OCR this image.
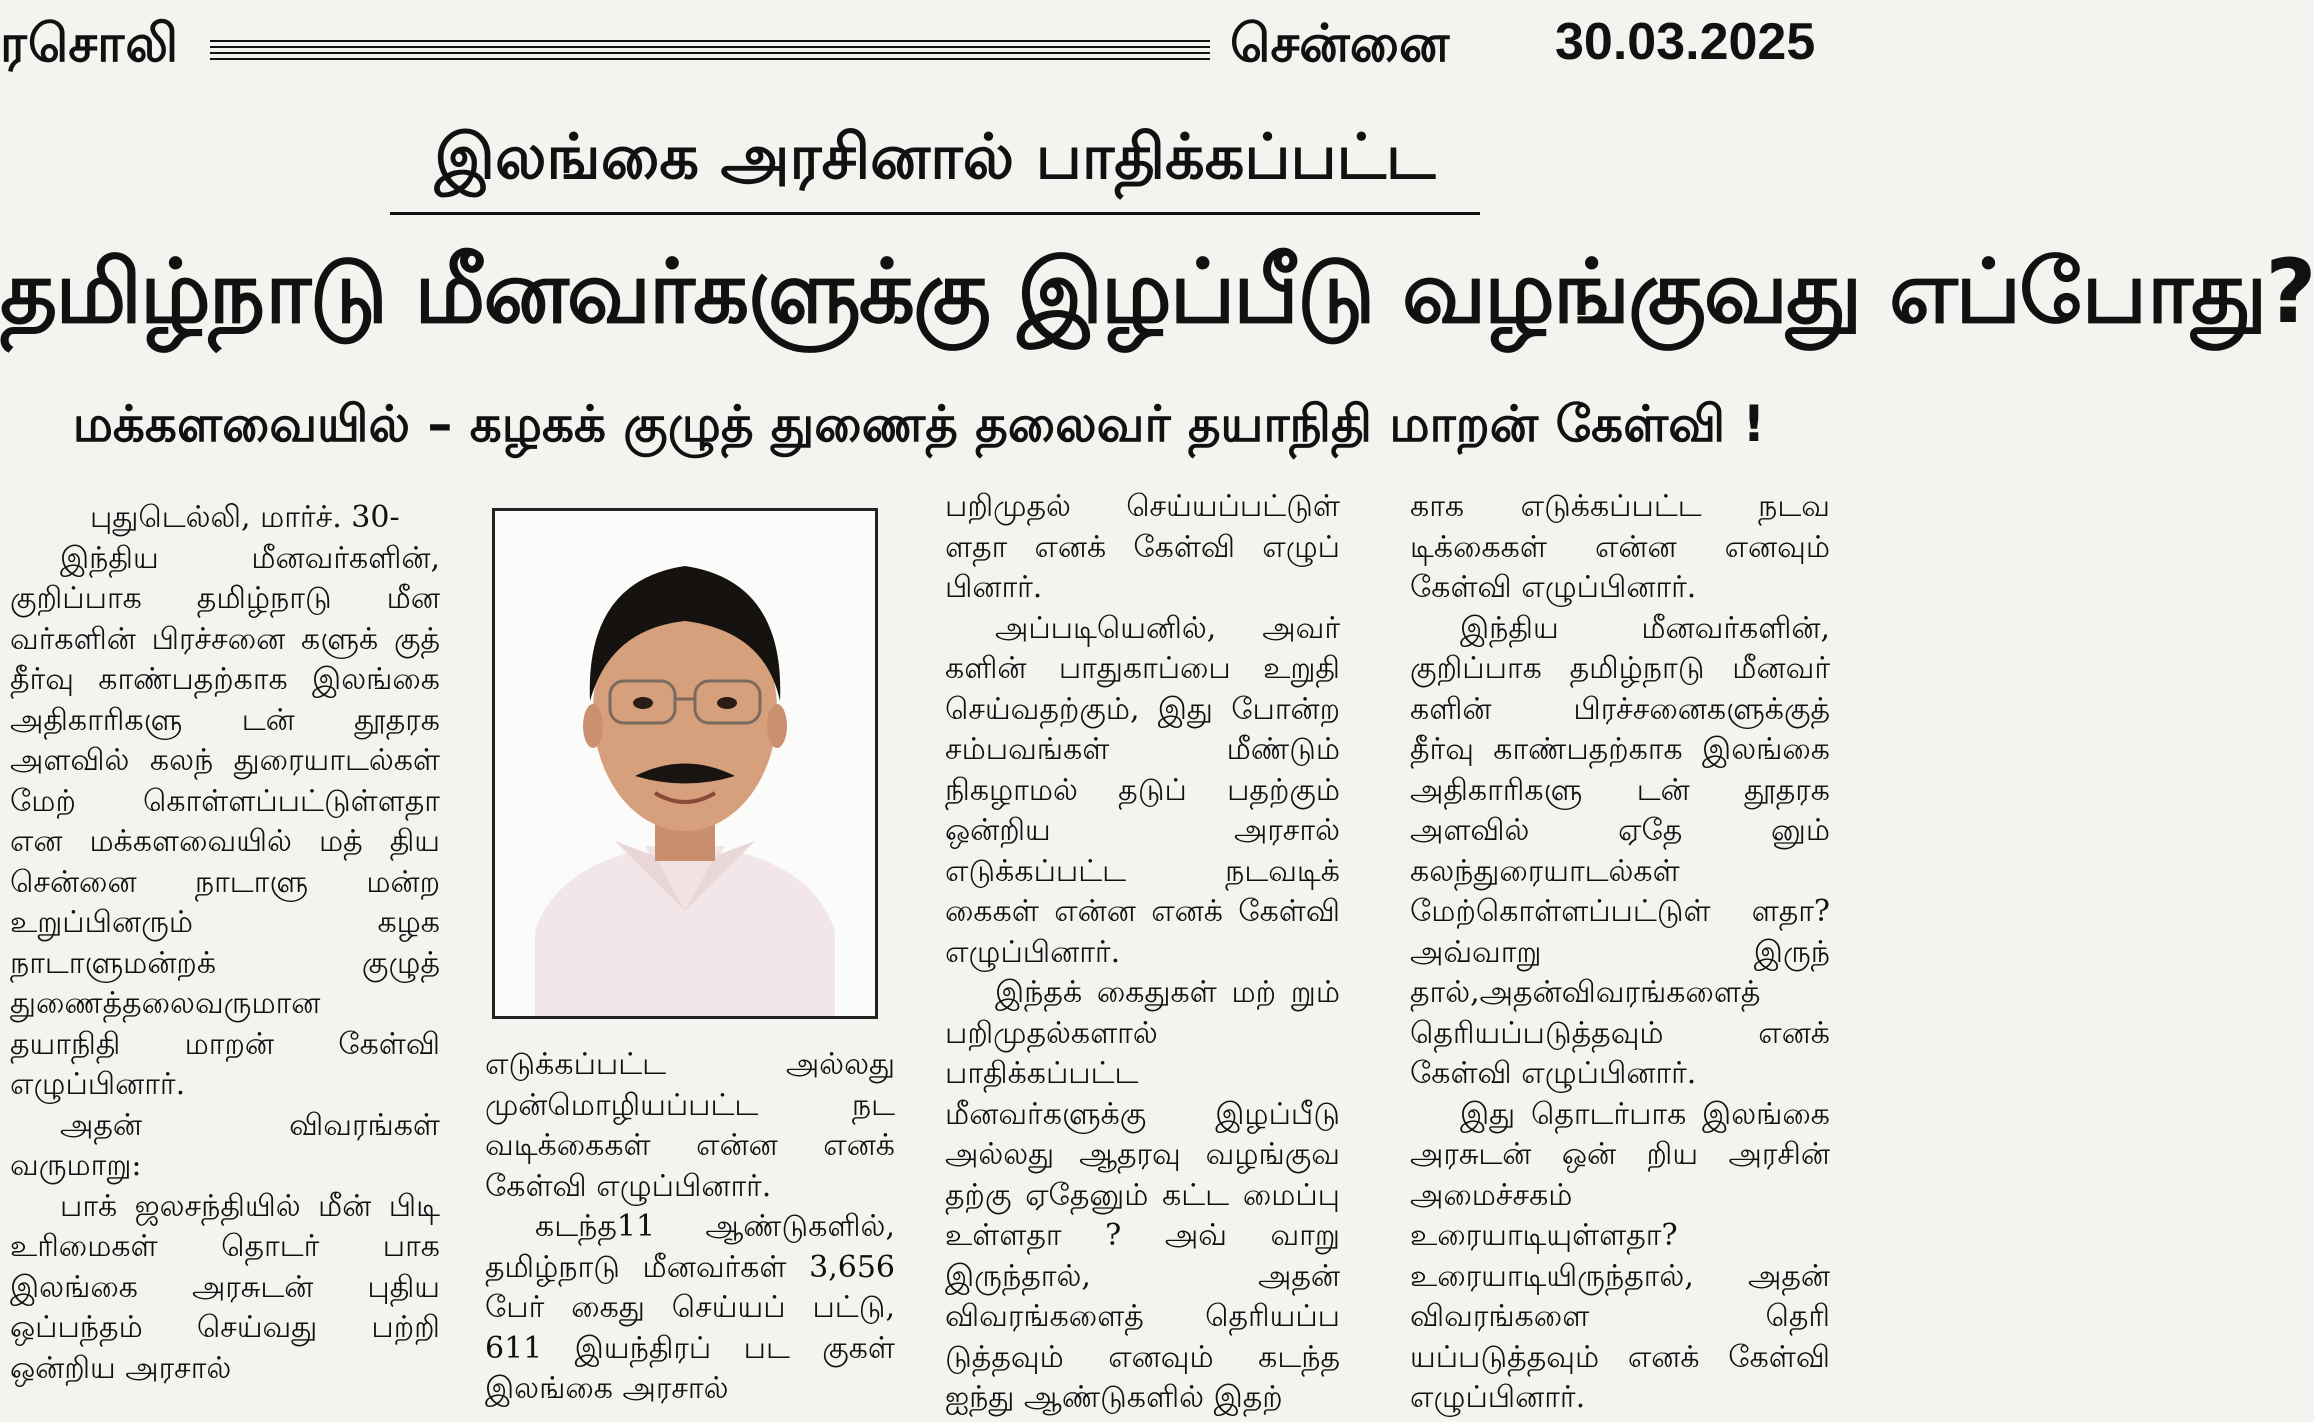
ரசொலி	சென்னை 30.03.2025
இலங்கை அரசினால் பாதிக்கப்பட்ட
தமிழ்நாடு மீனவர்களுக்கு இழப்பீடு வழங்குவது எப்போது?
மக்களவையில் – கழகக் குழுத் துணைத் தலைவர் தயாநிதி மாறன் கேள்வி !

புதுடெல்லி, மார்ச். 30-

இந்திய மீனவர்களின், குறிப்பாக தமிழ்நாடு மீன வர்களின் பிரச்சனை களுக் குத் தீர்வு காண்பதற்காக இலங்கை அதிகாரிகளு டன் தூதரக அளவில் கலந் துரையாடல்கள் மேற் கொள்ளப்பட்டுள்ளதா என மக்களவையில் மத் திய சென்னை நாடாளு மன்ற உறுப்பினரும் கழக நாடாளுமன்றக் குழுத் துணைத்தலைவருமான தயாநிதி மாறன் கேள்வி எழுப்பினார்.

அதன் விவரங்கள் வருமாறு:

பாக் ஜலசந்தியில் மீன் பிடி உரிமைகள் தொடர் பாக இலங்கை அரசுடன் புதிய ஒப்பந்தம் செய்வது பற்றி ஒன்றிய அரசால்

எடுக்கப்பட்ட அல்லது முன்மொழியப்பட்ட நட வடிக்கைகள் என்ன எனக் கேள்வி எழுப்பினார்.

கடந்த11 ஆண்டுகளில், தமிழ்நாடு மீனவர்கள் 3,656 பேர் கைது செய்யப் பட்டு, 611 இயந்திரப் பட குகள் இலங்கை அரசால்

பறிமுதல் செய்யப்பட்டுள் ளதா எனக் கேள்வி எழுப் பினார்.

அப்படியெனில், அவர் களின் பாதுகாப்பை உறுதி செய்வதற்கும், இது போன்ற சம்பவங்கள் மீண்டும் நிகழாமல் தடுப் பதற்கும் ஒன்றிய அரசால் எடுக்கப்பட்ட நடவடிக் கைகள் என்ன எனக் கேள்வி எழுப்பினார்.

இந்தக் கைதுகள் மற் றும் பறிமுதல்களால் பாதிக்கப்பட்ட மீனவர்களுக்கு இழப்பீடு அல்லது ஆதரவு வழங்குவ தற்கு ஏதேனும் கட்ட மைப்பு உள்ளதா ? அவ் வாறு இருந்தால், அதன் விவரங்களைத் தெரியப்ப டுத்தவும் எனவும் கடந்த ஐந்து ஆண்டுகளில் இதற்

காக எடுக்கப்பட்ட நடவ டிக்கைகள் என்ன எனவும் கேள்வி எழுப்பினார்.

இந்திய மீனவர்களின், குறிப்பாக தமிழ்நாடு மீனவர் களின் பிரச்சனைகளுக்குத் தீர்வு காண்பதற்காக இலங்கை அதிகாரிகளு டன் தூதரக அளவில் ஏதே னும் கலந்துரையாடல்கள் மேற்கொள்ளப்பட்டுள் ளதா? அவ்வாறு இருந் தால்,அதன்விவரங்களைத் தெரியப்படுத்தவும் எனக் கேள்வி எழுப்பினார்.

இது தொடர்பாக இலங்கை அரசுடன் ஒன் றிய அரசின் அமைச்சகம் உரையாடியுள்ளதா? உரையாடியிருந்தால், அதன் விவரங்களை தெரி யப்படுத்தவும் எனக் கேள்வி எழுப்பினார்.
